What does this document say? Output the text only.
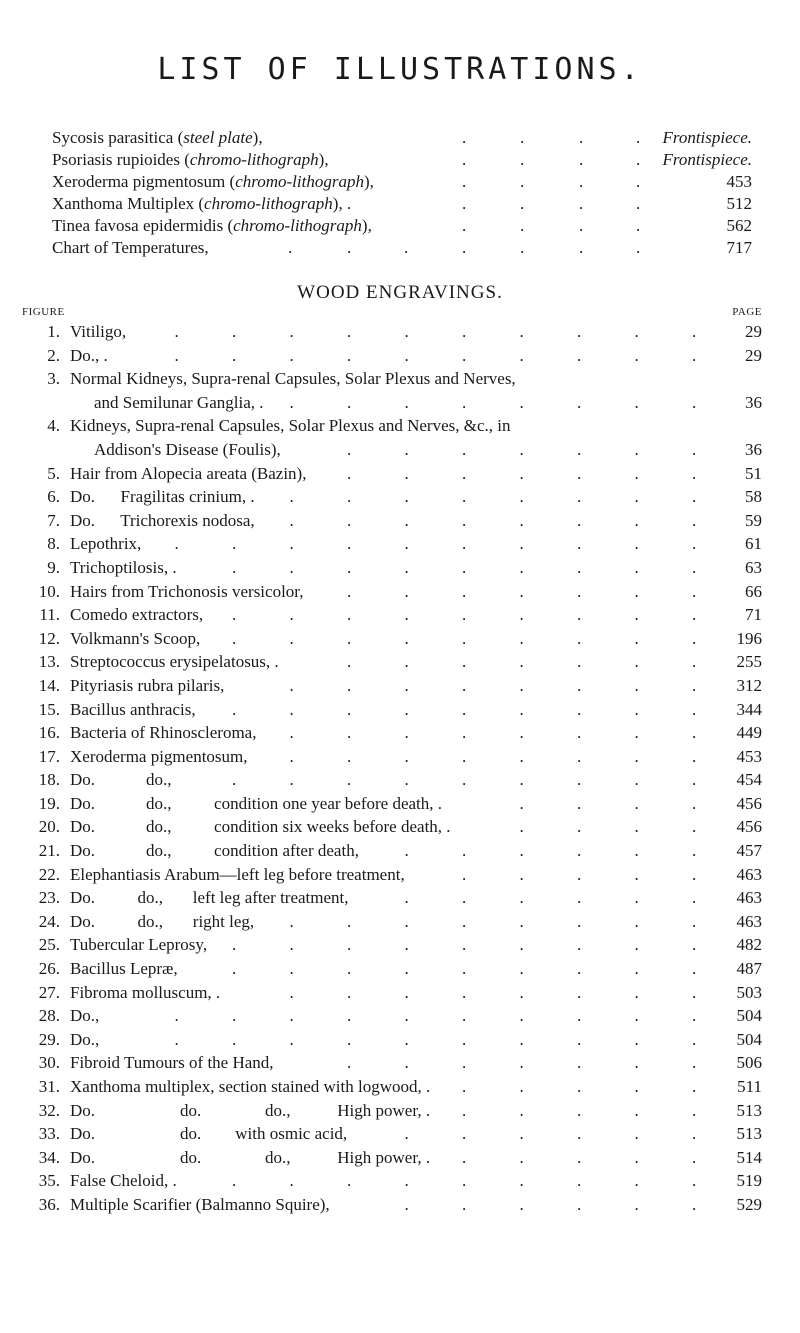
LIST OF ILLUSTRATIONS.
Sycosis parasitica (steel plate),	.	.	.	. Frontispiece.
Psoriasis rupioides (chromo-lithograph),	.	.	.	. Frontispiece.
Xeroderma pigmentosum (chromo-lithograph),	.	.	.	.	453
Xanthoma Multiplex (chromo-lithograph), .	.	.	.	.	512
Tinea favosa epidermidis (chromo-lithograph),	.	.	.	.	562
Chart of Temperatures,	.	.	.	.	.	.	.	717
WOOD ENGRAVINGS.
FIGURE	PAGE
1. Vitiligo,	29
.	.	.	.	.	.	.	.	.	.
2. Do., .	29
.	.	.	.	.	.	.	.	.	.
3. Normal Kidneys, Supra-renal Capsules, Solar Plexus and Nerves,
and Semilunar Ganglia, .	36
.	.	.	.	.	.	.	.
4. Kidneys, Supra-renal Capsules, Solar Plexus and Nerves, &c., in
Addison's Disease (Foulis),	36
.	.	.	.	.	.	.
5. Hair from Alopecia areata (Bazin),	51
.	.	.	.	.	.	.
6. Do.      Fragilitas crinium, .	58
.	.	.	.	.	.	.	.
7. Do.      Trichorexis nodosa,	59
.	.	.	.	.	.	.	.
8. Lepothrix,	61
.	.	.	.	.	.	.	.	.	.
9. Trichoptilosis, .	63
.	.	.	.	.	.	.	.	.
10. Hairs from Trichonosis versicolor,	66
.	.	.	.	.	.	.
11. Comedo extractors,	71
.	.	.	.	.	.	.	.	.
12. Volkmann's Scoop,	196
.	.	.	.	.	.	.	.	.
13. Streptococcus erysipelatosus, .	255
.	.	.	.	.	.	.
14. Pityriasis rubra pilaris,	312
.	.	.	.	.	.	.	.
15. Bacillus anthracis,	344
.	.	.	.	.	.	.	.	.
16. Bacteria of Rhinoscleroma,	449
.	.	.	.	.	.	.	.
17. Xeroderma pigmentosum,	453
.	.	.	.	.	.	.	.
18. Do.            do.,	454
.	.	.	.	.	.	.	.	.
19. Do.            do.,          condition one year before death, .	456
.	.	.	.
20. Do.            do.,          condition six weeks before death, .	456
.	.	.	.
21. Do.            do.,          condition after death,	457
.	.	.	.	.	.
22. Elephantiasis Arabum—left leg before treatment,	463
.	.	.	.	.
23. Do.          do.,       left leg after treatment,	463
.	.	.	.	.	.
24. Do.          do.,       right leg,	463
.	.	.	.	.	.	.	.
25. Tubercular Leprosy,	482
.	.	.	.	.	.	.	.	.
26. Bacillus Lepræ,	487
.	.	.	.	.	.	.	.	.
27. Fibroma molluscum, .	503
.	.	.	.	.	.	.	.
28. Do.,	504
.	.	.	.	.	.	.	.	.	.
29. Do.,	504
.	.	.	.	.	.	.	.	.	.
30. Fibroid Tumours of the Hand,	506
.	.	.	.	.	.	.
31. Xanthoma multiplex, section stained with logwood, .	511
.	.	.	.	.
32. Do.                    do.               do.,           High power, .	513
.	.	.	.	.
33. Do.                    do.        with osmic acid,	513
.	.	.	.	.	.
34. Do.                    do.               do.,           High power, .	514
.	.	.	.	.
35. False Cheloid, .	519
.	.	.	.	.	.	.	.	.
36. Multiple Scarifier (Balmanno Squire),	529
.	.	.	.	.	.
